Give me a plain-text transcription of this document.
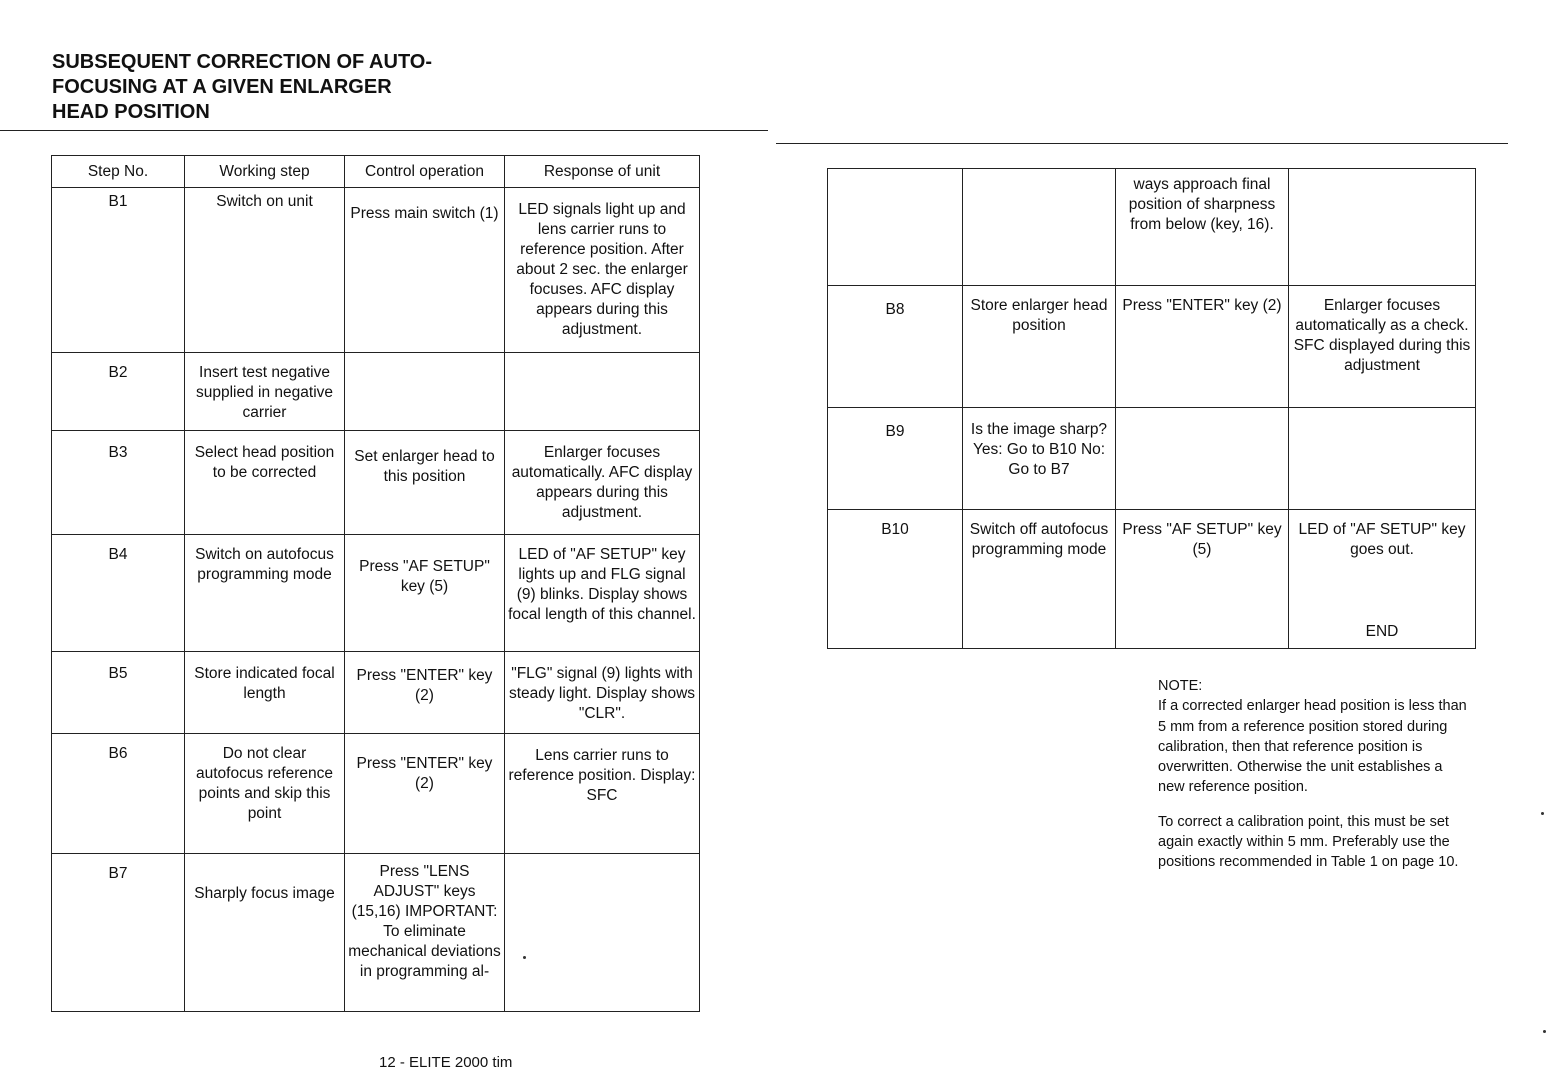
SUBSEQUENT CORRECTION OF AUTO-
FOCUSING AT A GIVEN ENLARGER
HEAD POSITION
Step No.	Working step	Control operation	Response of unit
B1	Switch on unit	Press main switch (1)	LED signals light up and lens carrier runs to reference position. After about 2 sec. the enlarger focuses. AFC display appears during this adjustment.
B2	Insert test negative supplied in negative carrier		
B3	Select head position to be corrected	Set enlarger head to this position	Enlarger focuses automatically. AFC display appears during this adjustment.
B4	Switch on autofocus programming mode	Press "AF SETUP" key (5)	LED of "AF SETUP" key lights up and FLG signal (9) blinks. Display shows focal length of this channel.
B5	Store indicated focal length	Press "ENTER" key (2)	"FLG" signal (9) lights with steady light. Display shows "CLR".
B6	Do not clear autofocus reference points and skip this point	Press "ENTER" key (2)	Lens carrier runs to reference position. Display: SFC
B7	Sharply focus image	Press "LENS ADJUST" keys (15,16) IMPORTANT: To eliminate mechanical deviations in programming al-	
		ways approach final position of sharpness from below (key, 16).	
B8	Store enlarger head position	Press "ENTER" key (2)	Enlarger focuses automatically as a check. SFC displayed during this adjustment
B9	Is the image sharp? Yes: Go to B10 No: Go to B7		
B10	Switch off autofocus programming mode	Press "AF SETUP" key (5)	LED of "AF SETUP" key goes out.
END
NOTE:

If a corrected enlarger head position is less than 5 mm from a reference position stored during calibration, then that reference position is overwritten. Otherwise the unit establishes a new reference position.

To correct a calibration point, this must be set again exactly within 5 mm. Preferably use the positions recommended in Table 1 on page 10.

12 - ELITE 2000 tim
